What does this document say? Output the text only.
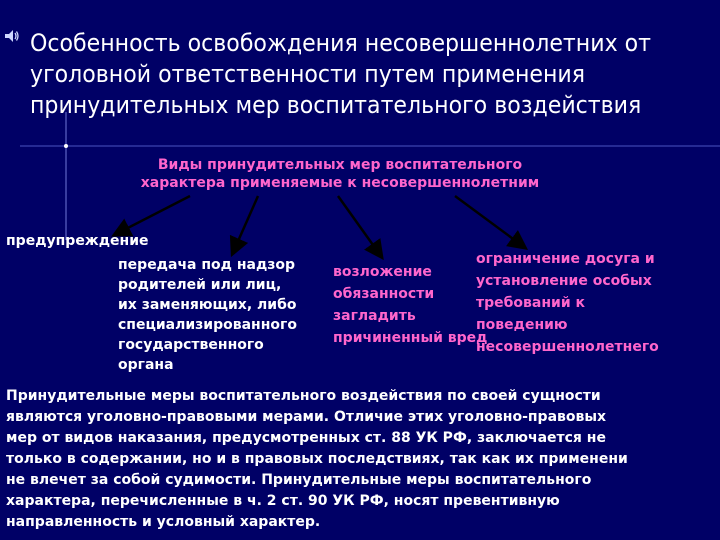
Особенность освобождения несовершеннолетних от
уголовной ответственности путем применения
принудительных мер воспитательного воздействия
Виды принудительных мер воспитательного
характера применяемые к несовершеннолетним
предупреждение
передача под надзор
родителей или лиц,
их заменяющих, либо
специализированного
государственного
органа
возложение
обязанности
загладить
причиненный вред
ограничение досуга и
установление особых
требований к
поведению
несовершеннолетнего
Принудительные меры воспитательного воздействия по своей сущности
являются уголовно-правовыми мерами. Отличие этих уголовно-правовых
мер от видов наказания, предусмотренных ст. 88 УК РФ, заключается не
только в содержании, но и в правовых последствиях, так как их применени
не влечет за собой судимости. Принудительные меры воспитательного
характера, перечисленные в ч. 2 ст. 90 УК РФ, носят превентивную
направленность и условный характер.
